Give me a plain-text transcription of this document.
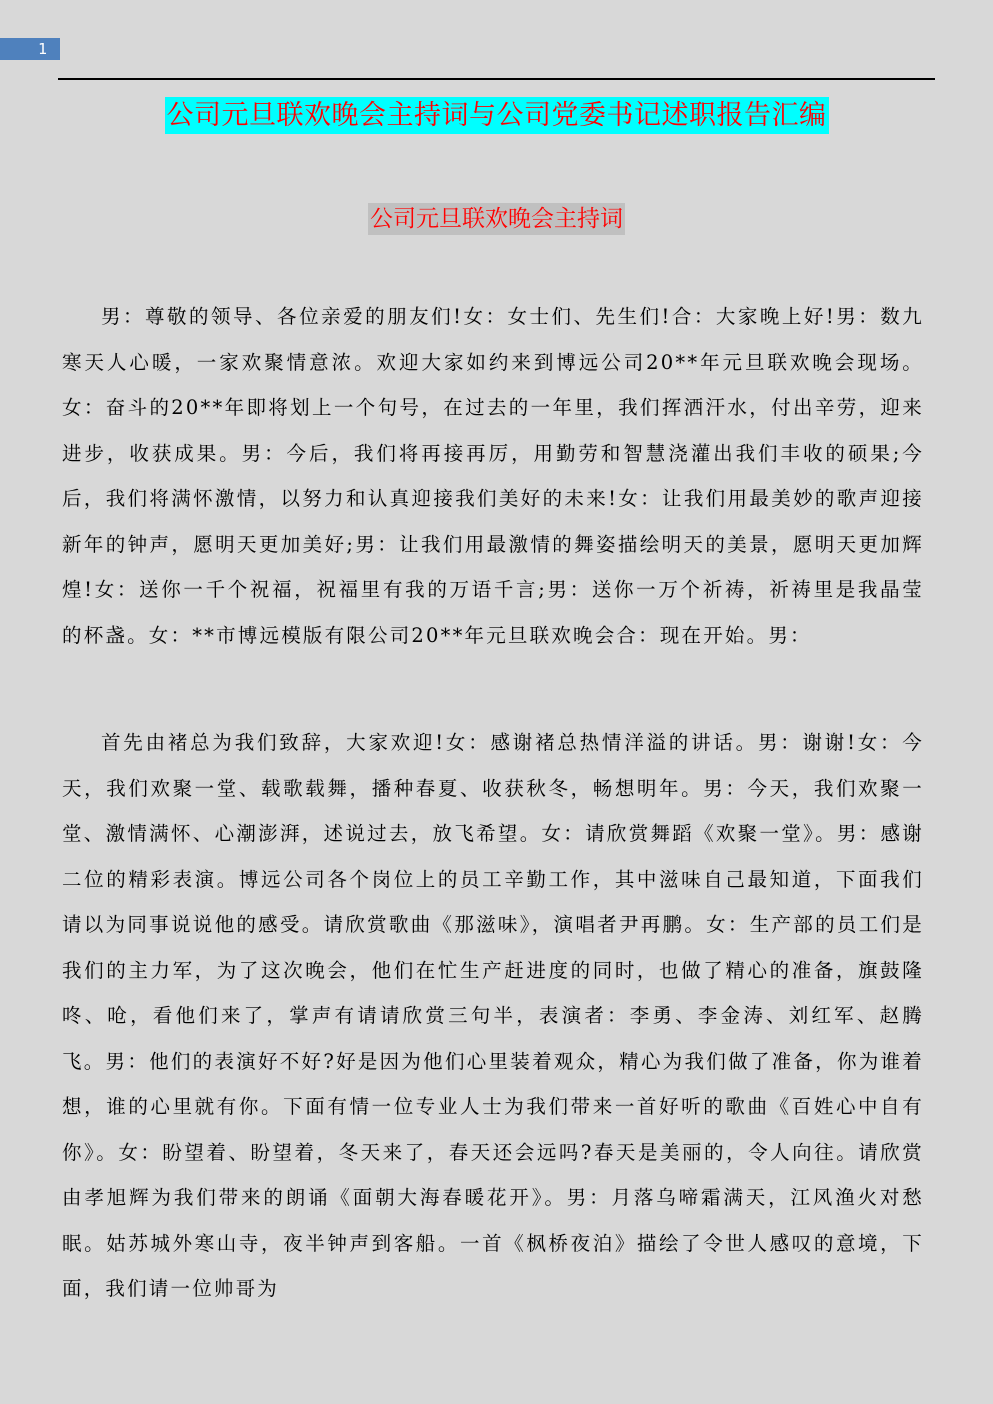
1
公司元旦联欢晚会主持词与公司党委书记述职报告汇编
公司元旦联欢晚会主持词

男：尊敬的领导、各位亲爱的朋友们!女：女士们、先生们!合：大家晚上好!男：数九寒天人心暖，一家欢聚情意浓。欢迎大家如约来到博远公司20**年元旦联欢晚会现场。女：奋斗的20**年即将划上一个句号，在过去的一年里，我们挥洒汗水，付出辛劳，迎来进步，收获成果。男：今后，我们将再接再厉，用勤劳和智慧浇灌出我们丰收的硕果;今后，我们将满怀激情，以努力和认真迎接我们美好的未来!女：让我们用最美妙的歌声迎接新年的钟声，愿明天更加美好;男：让我们用最激情的舞姿描绘明天的美景，愿明天更加辉煌!女：送你一千个祝福，祝福里有我的万语千言;男：送你一万个祈祷，祈祷里是我晶莹的杯盏。女：**市博远模版有限公司20**年元旦联欢晚会合：现在开始。男：

首先由褚总为我们致辞，大家欢迎!女：感谢褚总热情洋溢的讲话。男：谢谢!女：今天，我们欢聚一堂、载歌载舞，播种春夏、收获秋冬，畅想明年。男：今天，我们欢聚一堂、激情满怀、心潮澎湃，述说过去，放飞希望。女：请欣赏舞蹈《欢聚一堂》。男：感谢二位的精彩表演。博远公司各个岗位上的员工辛勤工作，其中滋味自己最知道，下面我们请以为同事说说他的感受。请欣赏歌曲《那滋味》，演唱者尹再鹏。女：生产部的员工们是我们的主力军，为了这次晚会，他们在忙生产赶进度的同时，也做了精心的准备，旗鼓隆咚、呛，看他们来了，掌声有请请欣赏三句半，表演者：李勇、李金涛、刘红军、赵腾飞。男：他们的表演好不好?好是因为他们心里装着观众，精心为我们做了准备，你为谁着想，谁的心里就有你。下面有情一位专业人士为我们带来一首好听的歌曲《百姓心中自有你》。女：盼望着、盼望着，冬天来了，春天还会远吗?春天是美丽的，令人向往。请欣赏由孝旭辉为我们带来的朗诵《面朝大海春暖花开》。男：月落乌啼霜满天，江风渔火对愁眠。姑苏城外寒山寺，夜半钟声到客船。一首《枫桥夜泊》描绘了令世人感叹的意境，下面，我们请一位帅哥为
